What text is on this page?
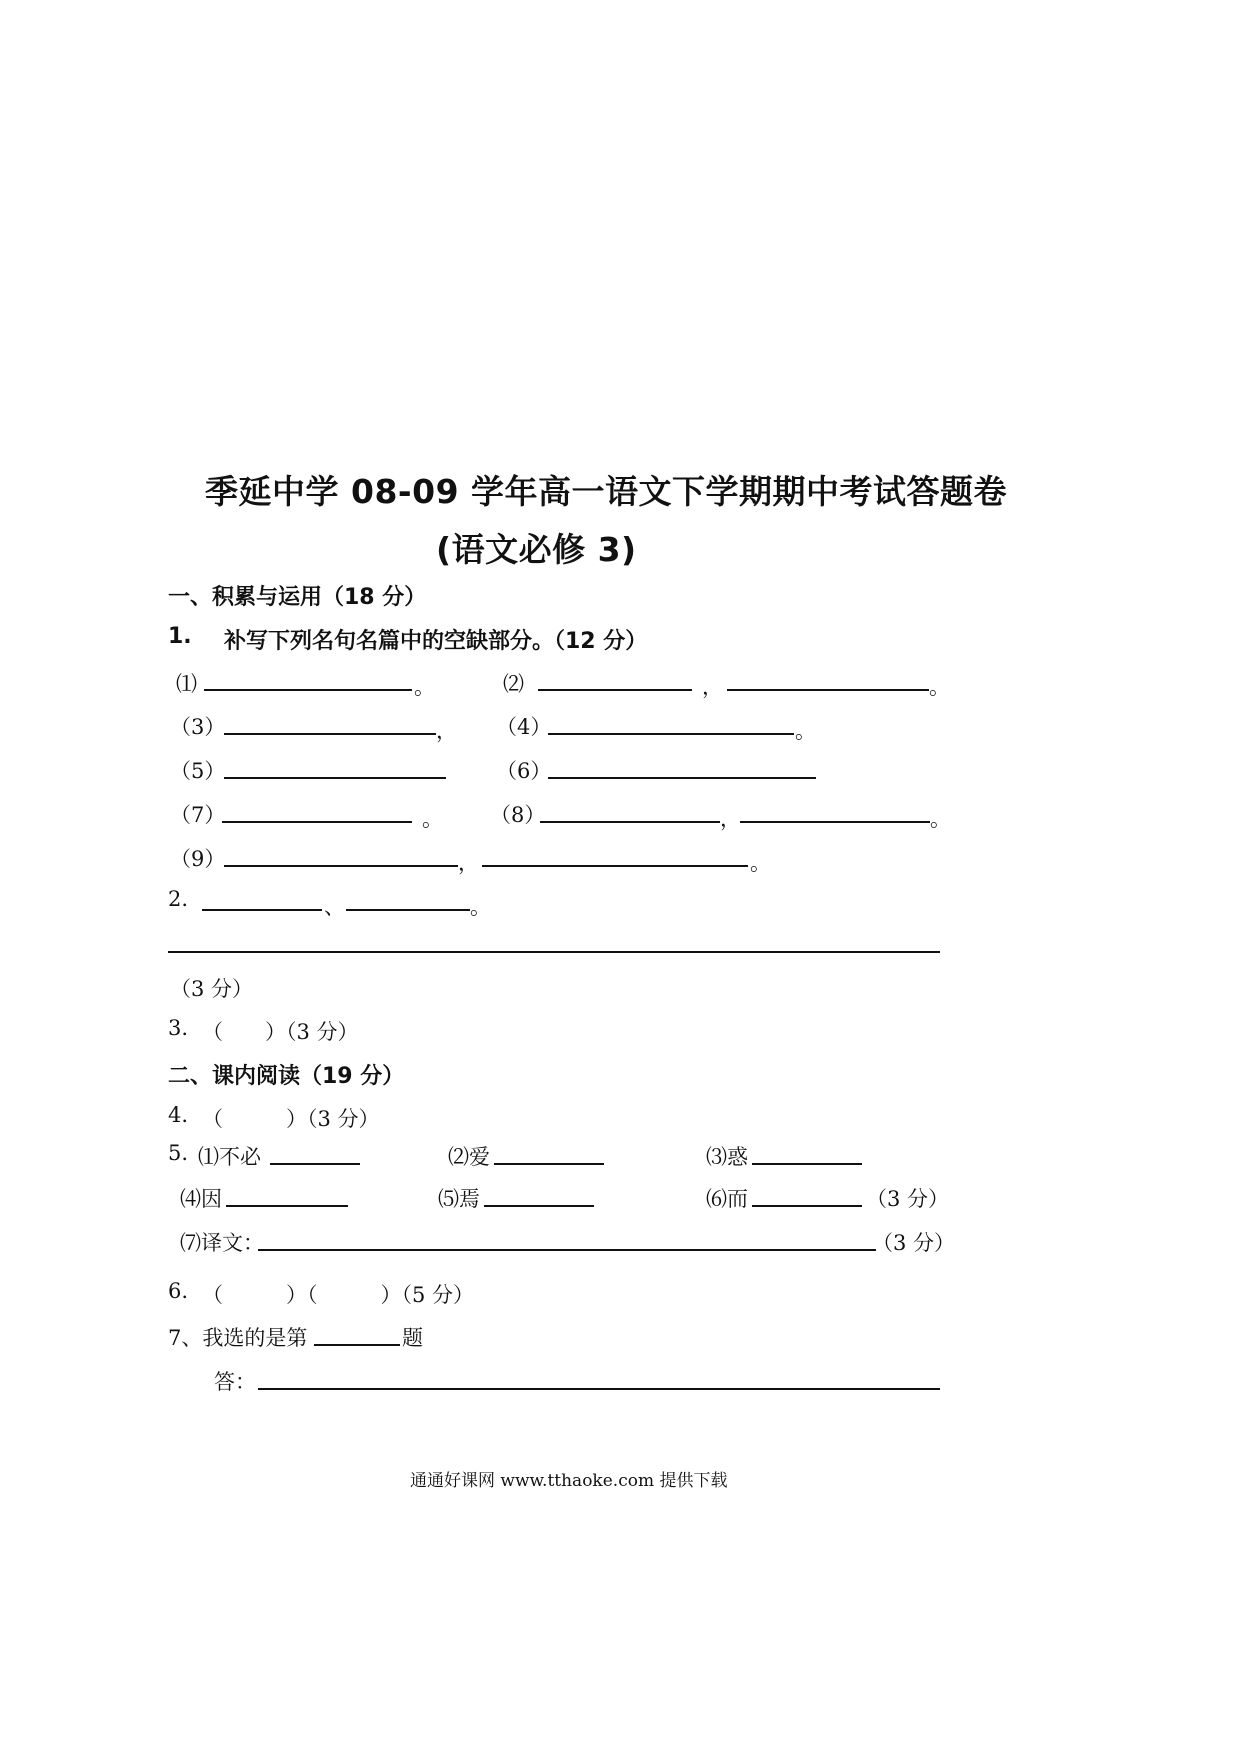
季延中学 08-09 学年高一语文下学期期中考试答题卷
(语文必修 3)
一、积累与运用（18 分）
1. 补写下列名句名篇中的空缺部分。（12 分）
⑴	。	⑵	，	。
（3）	， （4）	。
（5）	（6）
（7）	。 （8）	，	。
（9）	，	。
2.	、	。
（3 分）
3. （　　）（3 分）
二、课内阅读（19 分）
4. （　　　）（3 分）
5. ⑴不必	⑵爱	⑶惑
⑷因	⑸焉	⑹而	（3 分）
⑺译文：	（3 分）
6. （　　　）（　　　）（5 分）
7、我选的是第	题
答：
通通好课网 www.tthaoke.com 提供下载
